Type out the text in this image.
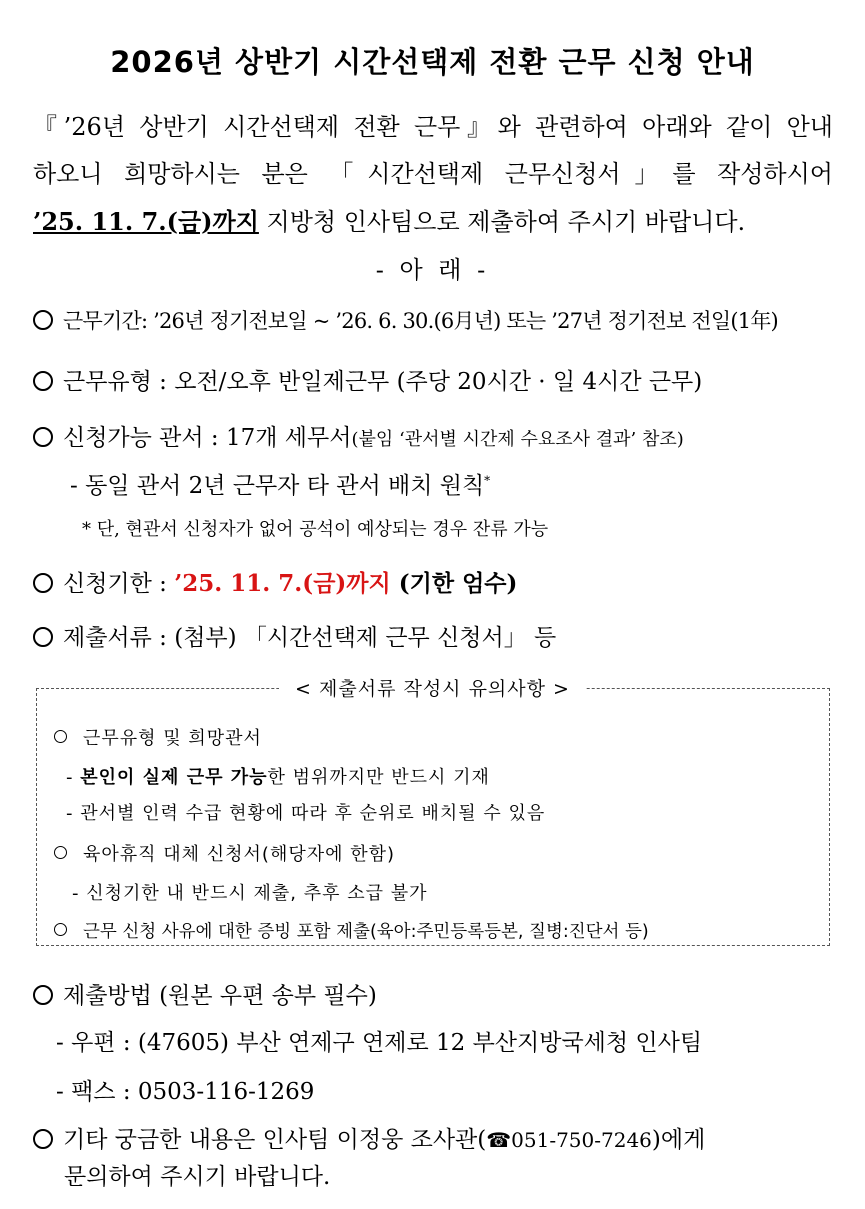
2026년 상반기 시간선택제 전환 근무 신청 안내
『’26년 상반기 시간선택제 전환 근무』와 관련하여 아래와 같이 안내
하오니 희망하시는 분은 「시간선택제 근무신청서」를 작성하시어
’25. 11. 7.(금)까지 지방청 인사팀으로 제출하여 주시기 바랍니다.
- 아 래 -
근무기간: ’26년 정기전보일 ~ ’26. 6. 30.(6月년) 또는 ’27년 정기전보 전일(1年)
근무유형 : 오전/오후 반일제근무 (주당 20시간 · 일 4시간 근무)
신청가능 관서 : 17개 세무서(붙임 ‘관서별 시간제 수요조사 결과’ 참조)
- 동일 관서 2년 근무자 타 관서 배치 원칙*
* 단, 현관서 신청자가 없어 공석이 예상되는 경우 잔류 가능
신청기한 : ’25. 11. 7.(금)까지 (기한 엄수)
제출서류 : (첨부) 「시간선택제 근무 신청서」 등
< 제출서류 작성시 유의사항 >
근무유형 및 희망관서
- 본인이 실제 근무 가능한 범위까지만 반드시 기재
- 관서별 인력 수급 현황에 따라 후 순위로 배치될 수 있음
육아휴직 대체 신청서(해당자에 한함)
- 신청기한 내 반드시 제출, 추후 소급 불가
근무 신청 사유에 대한 증빙 포함 제출(육아:주민등록등본, 질병:진단서 등)
제출방법 (원본 우편 송부 필수)
- 우편 : (47605) 부산 연제구 연제로 12 부산지방국세청 인사팀
- 팩스 : 0503-116-1269
기타 궁금한 내용은 인사팀 이정웅 조사관(☎051-750-7246)에게
문의하여 주시기 바랍니다.
